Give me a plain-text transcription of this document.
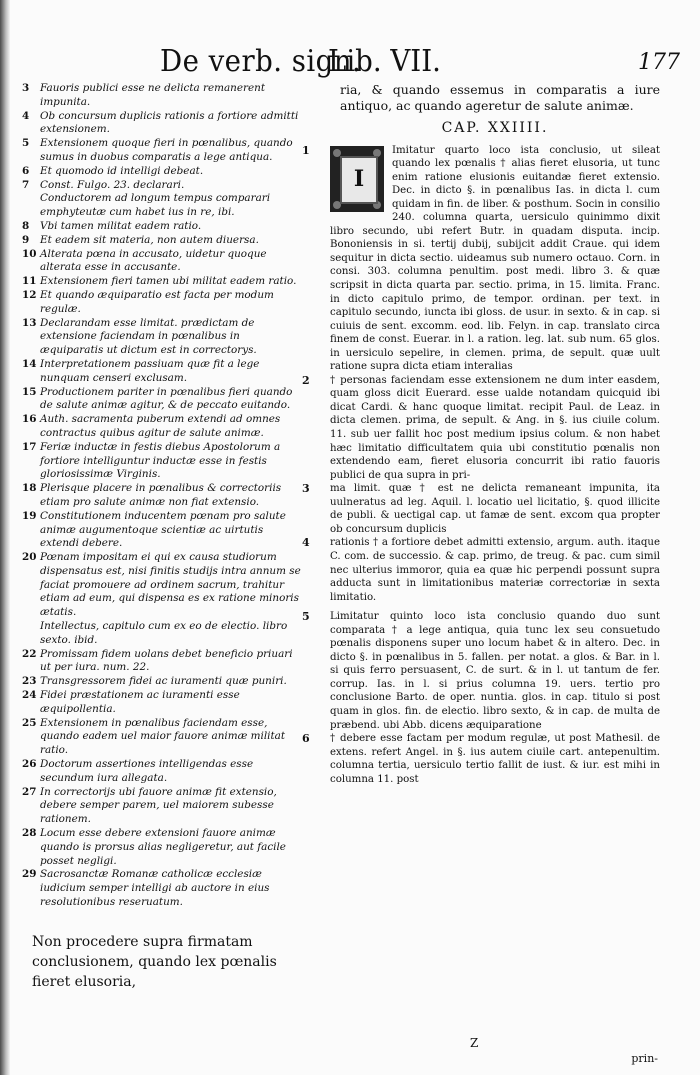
De verb. sign.
Lib. VII.	177
3 Fauoris publici esse ne delicta remanerent impunita.
4 Ob concursum duplicis rationis a fortiore admitti extensionem.
5 Extensionem quoque fieri in pœnalibus, quando sumus in duobus comparatis a lege antiqua.
6 Et quomodo id intelligi debeat.
7 Const. Fulgo. 23. declarari.
Conductorem ad longum tempus comparari emphyteutæ cum habet ius in re, ibi.
8 Vbi tamen militat eadem ratio.
9 Et eadem sit materia, non autem diuersa.
10 Alterata pœna in accusato, uidetur quoque alterata esse in accusante.
11 Extensionem fieri tamen ubi militat eadem ratio.
12 Et quando æquiparatio est facta per modum regulæ.
13 Declarandam esse limitat. prædictam de extensione faciendam in pœnalibus in æquiparatis ut dictum est in correctorys.
14 Interpretationem passiuam quæ fit a lege nunquam censeri exclusam.
15 Productionem pariter in pœnalibus fieri quando de salute animæ agitur, & de peccato euitando.
16 Auth. sacramenta puberum extendi ad omnes contractus quibus agitur de salute animæ.
17 Feriæ inductæ in festis diebus Apostolorum a fortiore intelliguntur inductæ esse in festis gloriosissimæ Virginis.
18 Plerisque placere in pœnalibus & correctoriis etiam pro salute animæ non fiat extensio.
19 Constitutionem inducentem pœnam pro salute animæ augumentoque scientiæ ac uirtutis extendi debere.
20 Pœnam impositam ei qui ex causa studiorum dispensatus est, nisi finitis studijs intra annum se faciat promouere ad ordinem sacrum, trahitur etiam ad eum, qui dispensa es ex ratione minoris ætatis.
Intellectus, capitulo cum ex eo de electio. libro sexto. ibid.
22 Promissam fidem uolans debet beneficio priuari ut per iura. num. 22.
23 Transgressorem fidei ac iuramenti quæ puniri.
24 Fidei præstationem ac iuramenti esse æquipollentia.
25 Extensionem in pœnalibus faciendam esse, quando eadem uel maior fauore animæ militat ratio.
26 Doctorum assertiones intelligendas esse secundum iura allegata.
27 In correctorijs ubi fauore animæ fit extensio, debere semper parem, uel maiorem subesse rationem.
28 Locum esse debere extensioni fauore animæ quando is prorsus alias negligeretur, aut facile posset negligi.
29 Sacrosanctæ Romanæ catholicæ ecclesiæ iudicium semper intelligi ab auctore in eius resolutionibus reseruatum.
Non procedere supra firmatam conclusionem, quando lex pœnalis fieret elusoria,

ria, & quando essemus in comparatis a iure antiquo, ac quando ageretur de salute animæ.

CAP. XXIIII.
I

1	Imitatur quarto loco ista conclusio, ut sileat quando lex pœnalis † alias fieret elusoria, ut tunc enim ratione elusionis euitandæ fieret extensio. Dec. in dicto §. in pœnalibus Ias. in dicta l. cum quidam in fin. de liber. & posthum. Socin in consilio 240. columna quarta, uersiculo quinimmo dixit libro secundo, ubi refert Butr. in quadam disputa. incip. Bononiensis in si. tertij dubij, subijcit addit Craue. qui idem sequitur in dicta sectio. uideamus sub numero octauo. Corn. in consi. 303. columna penultim. post medi. libro 3. & quæ scripsit in dicta quarta par. sectio. prima, in 15. limita. Franc. in dicto capitulo primo, de tempor. ordinan. per text. in capitulo secundo, iuncta ibi gloss. de usur. in sexto. & in cap. si cuiuis de sent. excomm. eod. lib. Felyn. in cap. translato circa finem de const. Euerar. in l. a ration. leg. lat. sub num. 65 glos. in uersiculo sepelire, in clemen. prima, de sepult. quæ uult ratione supra dicta etiam interalias

2 † personas faciendam esse extensionem ne dum inter easdem, quam gloss dicit Euerard. esse ualde notandam quicquid ibi dicat Cardi. & hanc quoque limitat. recipit Paul. de Leaz. in dicta clemen. prima, de sepult. & Ang. in §. ius ciuile colum. 11. sub uer fallit hoc post medium ipsius colum. & non habet hæc limitatio difficultatem quia ubi constitutio pœnalis non extendendo eam, fieret elusoria concurrit ibi ratio fauoris publici de qua supra in pri-

3 ma limit. quæ † est ne delicta remaneant impunita, ita uulneratus ad leg. Aquil. l. locatio uel licitatio, §. quod illicite de publi. & uectigal cap. ut famæ de sent. excom qua propter ob concursum duplicis

4 rationis † a fortiore debet admitti extensio, argum. auth. itaque C. com. de successio. & cap. primo, de treug. & pac. cum simil nec ulterius immoror, quia ea quæ hic perpendi possunt supra adducta sunt in limitationibus materiæ correctoriæ in sexta limitatio.

5 Limitatur quinto loco ista conclusio quando duo sunt comparata † a lege antiqua, quia tunc lex seu consuetudo pœnalis disponens super uno locum habet & in altero. Dec. in dicto §. in pœnalibus in 5. fallen. per notat. a glos. & Bar. in l. si quis ferro persuasent, C. de surt. & in l. ut tantum de fer. corrup. Ias. in l. si prius columna 19. uers. tertio pro conclusione Barto. de oper. nuntia. glos. in cap. titulo si post quam in glos. fin. de electio. libro sexto, & in cap. de multa de præbend. ubi Abb. dicens æquiparatione

6 † debere esse factam per modum regulæ, ut post Mathesil. de extens. refert Angel. in §. ius autem ciuile cart. antepenultim. columna tertia, uersiculo tertio fallit de iust. & iur. est mihi in columna 11. post

Z
prin-
